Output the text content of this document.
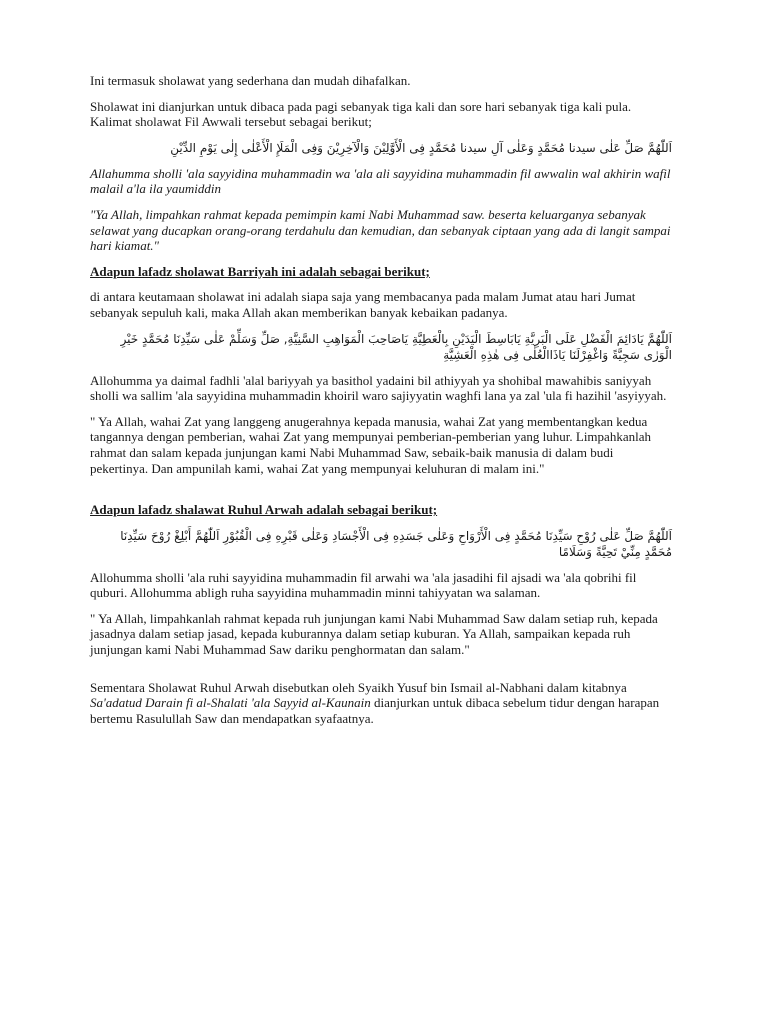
Ini termasuk sholawat yang sederhana dan mudah dihafalkan.

Sholawat ini dianjurkan untuk dibaca pada pagi sebanyak tiga kali dan sore hari sebanyak tiga kali pula. Kalimat sholawat Fil Awwali tersebut sebagai berikut;

اَللّٰهُمَّ صَلِّ عَلٰى سيدنا مُحَمَّدٍ وَعَلٰى آلِ سيدنا مُحَمَّدٍ فِى الْأَوَّلِيْنَ وَالْآخِرِيْنَ وَفِى الْمَلَإِ الْأَعْلٰى إِلٰى يَوْمِ الدِّيْنِ

Allahumma sholli 'ala sayyidina muhammadin wa 'ala ali sayyidina muhammadin fil awwalin wal akhirin wafil malail a'la ila yaumiddin

"Ya Allah, limpahkan rahmat kepada pemimpin kami Nabi Muhammad saw. beserta keluarganya sebanyak selawat yang ducapkan orang-orang terdahulu dan kemudian, dan sebanyak ciptaan yang ada di langit sampai hari kiamat."

Adapun lafadz sholawat Barriyah ini adalah sebagai berikut;

di antara keutamaan sholawat ini adalah siapa saja yang membacanya pada malam Jumat atau hari Jumat sebanyak sepuluh kali, maka Allah akan memberikan banyak kebaikan padanya.

اَللّٰهُمَّ يَادَائِمَ الْفَضْلِ عَلَى الْبَرِيَّةِ يَابَاسِطَ الْيَدَيْنِ بِالْعَطِيَّةِ يَاصَاحِبَ الْمَوَاهِبِ السَّنِيَّةِ, صَلِّ وَسَلِّمْ عَلٰى سَيِّدِنَا مُحَمَّدٍ خَيْرِ الْوَرٰى سَجِيَّةً وَاغْفِرْلَنَا يَاذَاالْعُلٰى فِى هٰذِهِ الْعَشِيَّةِ

Allohumma ya daimal fadhli 'alal bariyyah ya basithol yadaini bil athiyyah ya shohibal mawahibis saniyyah sholli wa sallim 'ala sayyidina muhammadin khoiril waro sajiyyatin waghfi lana ya zal 'ula fi hazihil 'asyiyyah.

" Ya Allah, wahai Zat yang langgeng anugerahnya kepada manusia, wahai Zat yang membentangkan kedua tangannya dengan pemberian, wahai Zat yang mempunyai pemberian-pemberian yang luhur. Limpahkanlah rahmat dan salam kepada junjungan kami Nabi Muhammad Saw, sebaik-baik manusia di dalam budi pekertinya. Dan ampunilah kami, wahai Zat yang mempunyai keluhuran di malam ini."

Adapun lafadz shalawat Ruhul Arwah adalah sebagai berikut;

اَللّٰهُمَّ صَلِّ عَلٰى رُوْحِ سَيِّدِنَا مُحَمَّدٍ فِى الْأَرْوَاحِ وَعَلٰى جَسَدِهِ فِى الْأَجْسَادِ وَعَلٰى قَبْرِهِ فِى الْقُبُوْرِ اَللّٰهُمَّ أَبْلِغْ رُوْحَ سَيِّدِنَا مُحَمَّدٍ مِنِّيْ تَحِيَّةً وَسَلَامًا

Allohumma sholli 'ala ruhi sayyidina muhammadin fil arwahi wa 'ala jasadihi fil ajsadi wa 'ala qobrihi fil quburi. Allohumma abligh ruha sayyidina muhammadin minni tahiyyatan wa salaman.

" Ya Allah, limpahkanlah rahmat kepada ruh junjungan kami Nabi Muhammad Saw dalam setiap ruh, kepada jasadnya dalam setiap jasad, kepada kuburannya dalam setiap kuburan. Ya Allah, sampaikan kepada ruh junjungan kami Nabi Muhammad Saw dariku penghormatan dan salam."

Sementara Sholawat Ruhul Arwah disebutkan oleh Syaikh Yusuf bin Ismail al-Nabhani dalam kitabnya Sa'adatud Darain fi al-Shalati 'ala Sayyid al-Kaunain dianjurkan untuk dibaca sebelum tidur dengan harapan bertemu Rasulullah Saw dan mendapatkan syafaatnya.
